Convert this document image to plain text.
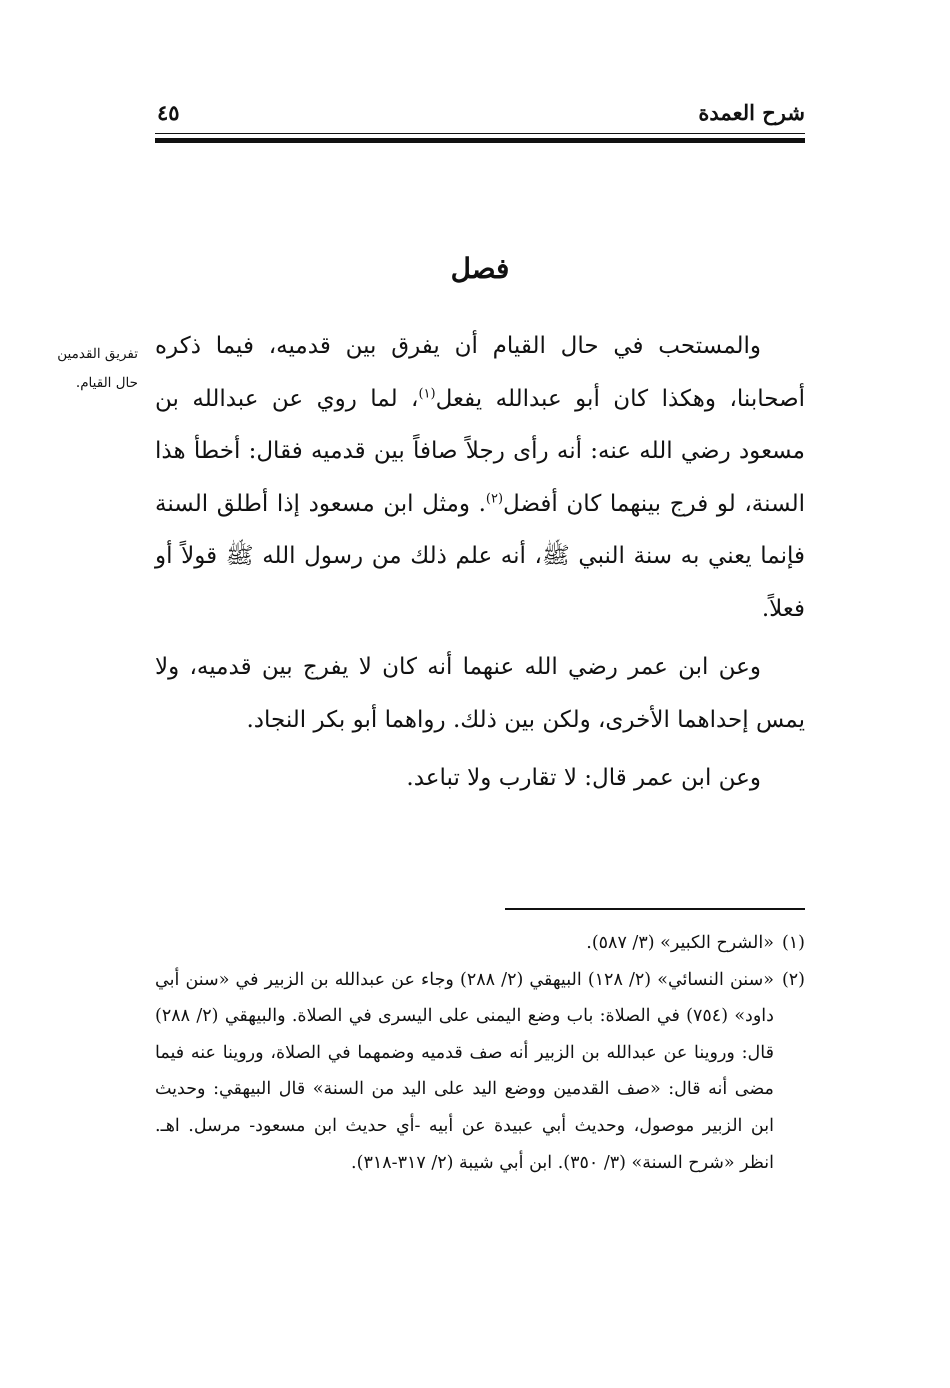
شرح العمدة
٤٥
فصل
تفريق القدمين
حال القيام.

والمستحب في حال القيام أن يفرق بين قدميه، فيما ذكره أصحابنا، وهكذا كان أبو عبدالله يفعل$^{(١)}$، لما روي عن عبدالله بن مسعود رضي الله عنه: أنه رأى رجلاً صافاً بين قدميه فقال: أخطأ هذا السنة، لو فرج بينهما كان أفضل$^{(٢)}$. ومثل ابن مسعود إذا أطلق السنة فإنما يعني به سنة النبي ﷺ، أنه علم ذلك من رسول الله ﷺ قولاً أو فعلاً.

وعن ابن عمر رضي الله عنهما أنه كان لا يفرج بين قدميه، ولا يمس إحداهما الأخرى، ولكن بين ذلك. رواهما أبو بكر النجاد.

وعن ابن عمر قال: لا تقارب ولا تباعد.

(١)
«الشرح الكبير» (٣/ ٥٨٧).
(٢)
«سنن النسائي» (٢/ ١٢٨) البيهقي (٢/ ٢٨٨) وجاء عن عبدالله بن الزبير في «سنن أبي داود» (٧٥٤) في الصلاة: باب وضع اليمنى على اليسرى في الصلاة. والبيهقي (٢/ ٢٨٨) قال: وروينا عن عبدالله بن الزبير أنه صف قدميه وضمهما في الصلاة، وروينا عنه فيما مضى أنه قال: «صف القدمين ووضع اليد على اليد من السنة» قال البيهقي: وحديث ابن الزبير موصول، وحديث أبي عبيدة عن أبيه -أي حديث ابن مسعود- مرسل. اهـ. انظر «شرح السنة» (٣/ ٣٥٠). ابن أبي شيبة (٢/ ٣١٧-٣١٨).
